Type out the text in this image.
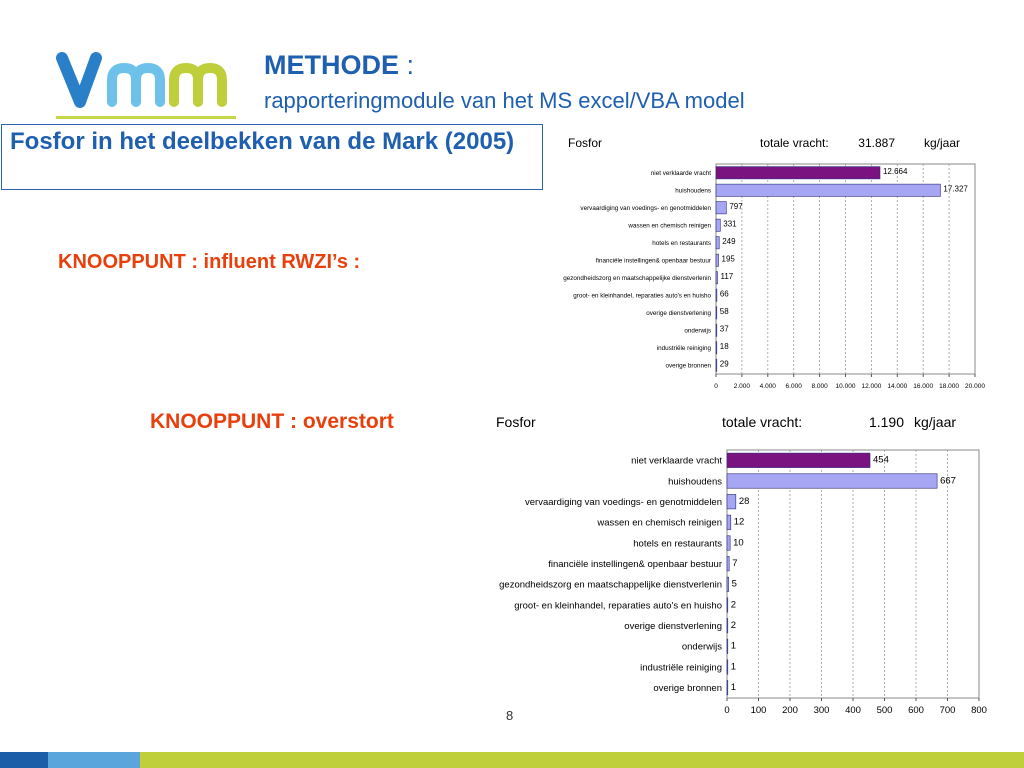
METHODE :
rapporteringmodule van het MS excel/VBA model
Fosfor in het deelbekken van de Mark (2005)
KNOOPPUNT : influent RWZI’s :
KNOOPPUNT : overstort
Fosfor	totale vracht: 31.887 kg/jaar
0 2.000 4.000 6.000 8.000 10.000 12.000 14.000 16.000 18.000 20.000
niet verklaarde vracht	12.664
huishoudens	17.327
vervaardiging van voedings- en genotmiddelen 797
wassen en chemisch reinigen 331
hotels en restaurants 249
financiële instellingen& openbaar bestuur 195
gezondheidszorg en maatschappelijke dienstverlenin 117
groot- en kleinhandel, reparaties auto's en huisho 66
overige dienstverlening 58
onderwijs 37
industriële reiniging 18
overige bronnen 29
Fosfor	totale vracht:	1.190 kg/jaar
0 100 200 300 400 500 600 700 800
niet verklaarde vracht	454
huishoudens	667
vervaardiging van voedings- en genotmiddelen 28
wassen en chemisch reinigen 12
hotels en restaurants 10
financiële instellingen& openbaar bestuur 7
gezondheidszorg en maatschappelijke dienstverlenin 5
groot- en kleinhandel, reparaties auto's en huisho 2
overige dienstverlening 2
onderwijs 1
industriële reiniging 1
overige bronnen 1
8
